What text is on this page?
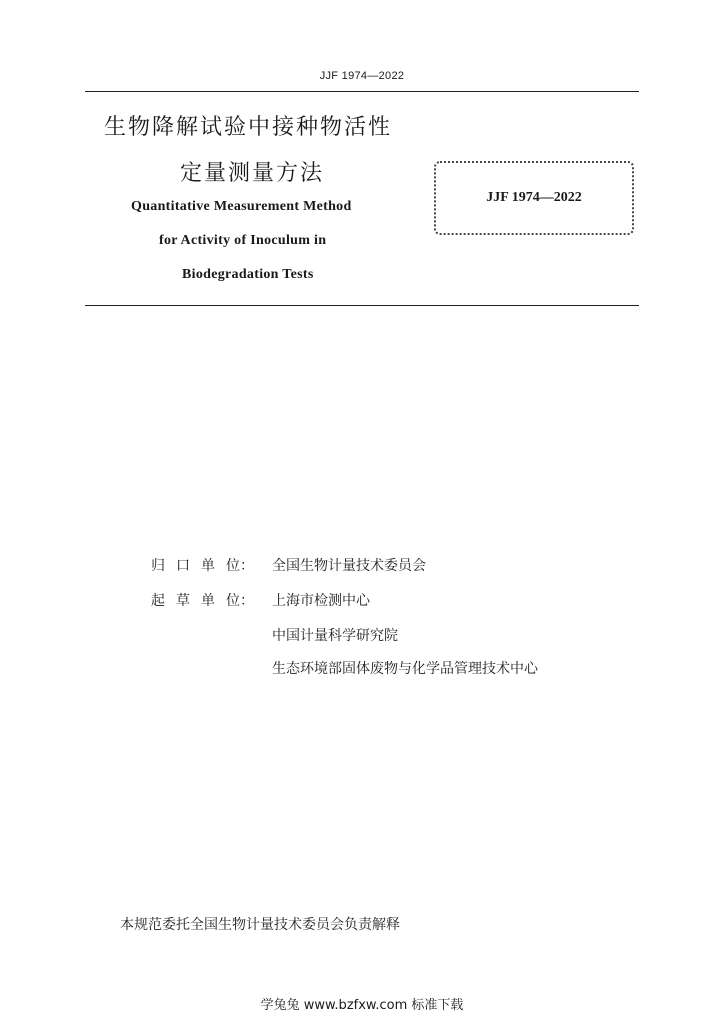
JJF 1974—2022
生物降解试验中接种物活性
定量测量方法
Quantitative Measurement Method
for Activity of Inoculum in
Biodegradation Tests
JJF 1974—2022
归 口 单 位： 全国生物计量技术委员会
起 草 单 位： 上海市检测中心
中国计量科学研究院
生态环境部固体废物与化学品管理技术中心
本规范委托全国生物计量技术委员会负责解释
学兔兔 www.bzfxw.com 标准下载
